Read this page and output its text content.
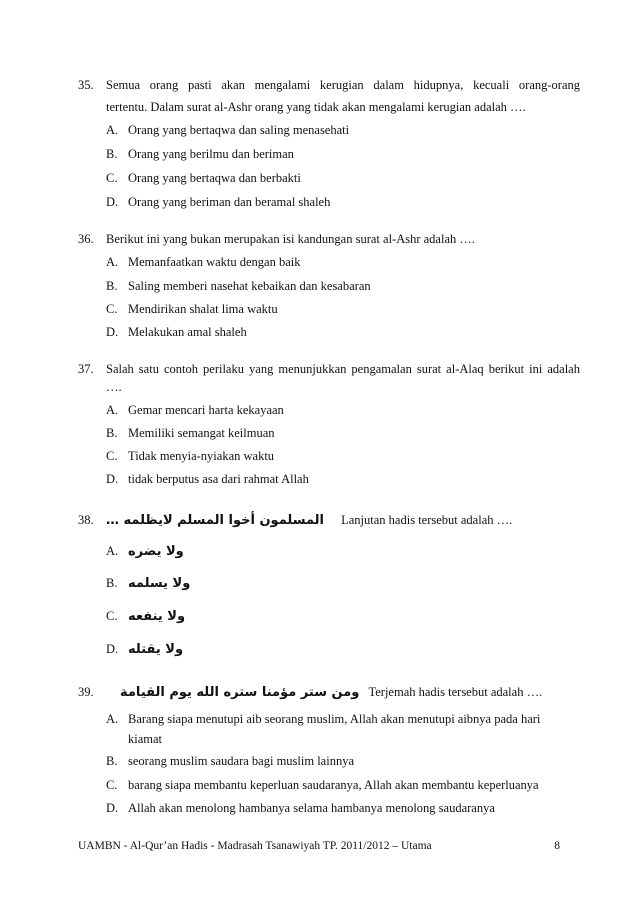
35. Semua orang pasti akan mengalami kerugian dalam hidupnya, kecuali orang-orang
tertentu. Dalam surat al-Ashr orang yang tidak akan mengalami kerugian adalah ….
A. Orang yang bertaqwa dan saling menasehati
B. Orang yang berilmu dan beriman
C. Orang yang bertaqwa dan berbakti
D. Orang yang beriman dan beramal shaleh
36. Berikut ini yang bukan merupakan isi kandungan surat al-Ashr adalah ….
A. Memanfaatkan waktu dengan baik
B. Saling memberi nasehat kebaikan dan kesabaran
C. Mendirikan shalat lima waktu
D. Melakukan amal shaleh
37. Salah satu contoh perilaku yang menunjukkan pengamalan surat al-Alaq berikut ini adalah
….
A. Gemar mencari harta kekayaan
B. Memiliki semangat keilmuan
C. Tidak menyia-nyiakan waktu
D. tidak berputus asa dari rahmat Allah
38. المسلمون أخوا المسلم لايظلمه … Lanjutan hadis tersebut adalah ….
A. ولا يضره
B. ولا يسلمه
C. ولا ينفعه
D. ولا يقتله
39. ومن ستر مؤمنا ستره الله يوم القيامة Terjemah hadis tersebut adalah ….
A. Barang siapa menutupi aib seorang muslim, Allah akan menutupi aibnya pada hari
kiamat
B. seorang muslim saudara bagi muslim lainnya
C. barang siapa membantu keperluan saudaranya, Allah akan membantu keperluanya
D. Allah akan menolong hambanya selama hambanya menolong saudaranya
UAMBN - Al-Qur’an Hadis - Madrasah Tsanawiyah TP. 2011/2012 – Utama	8
